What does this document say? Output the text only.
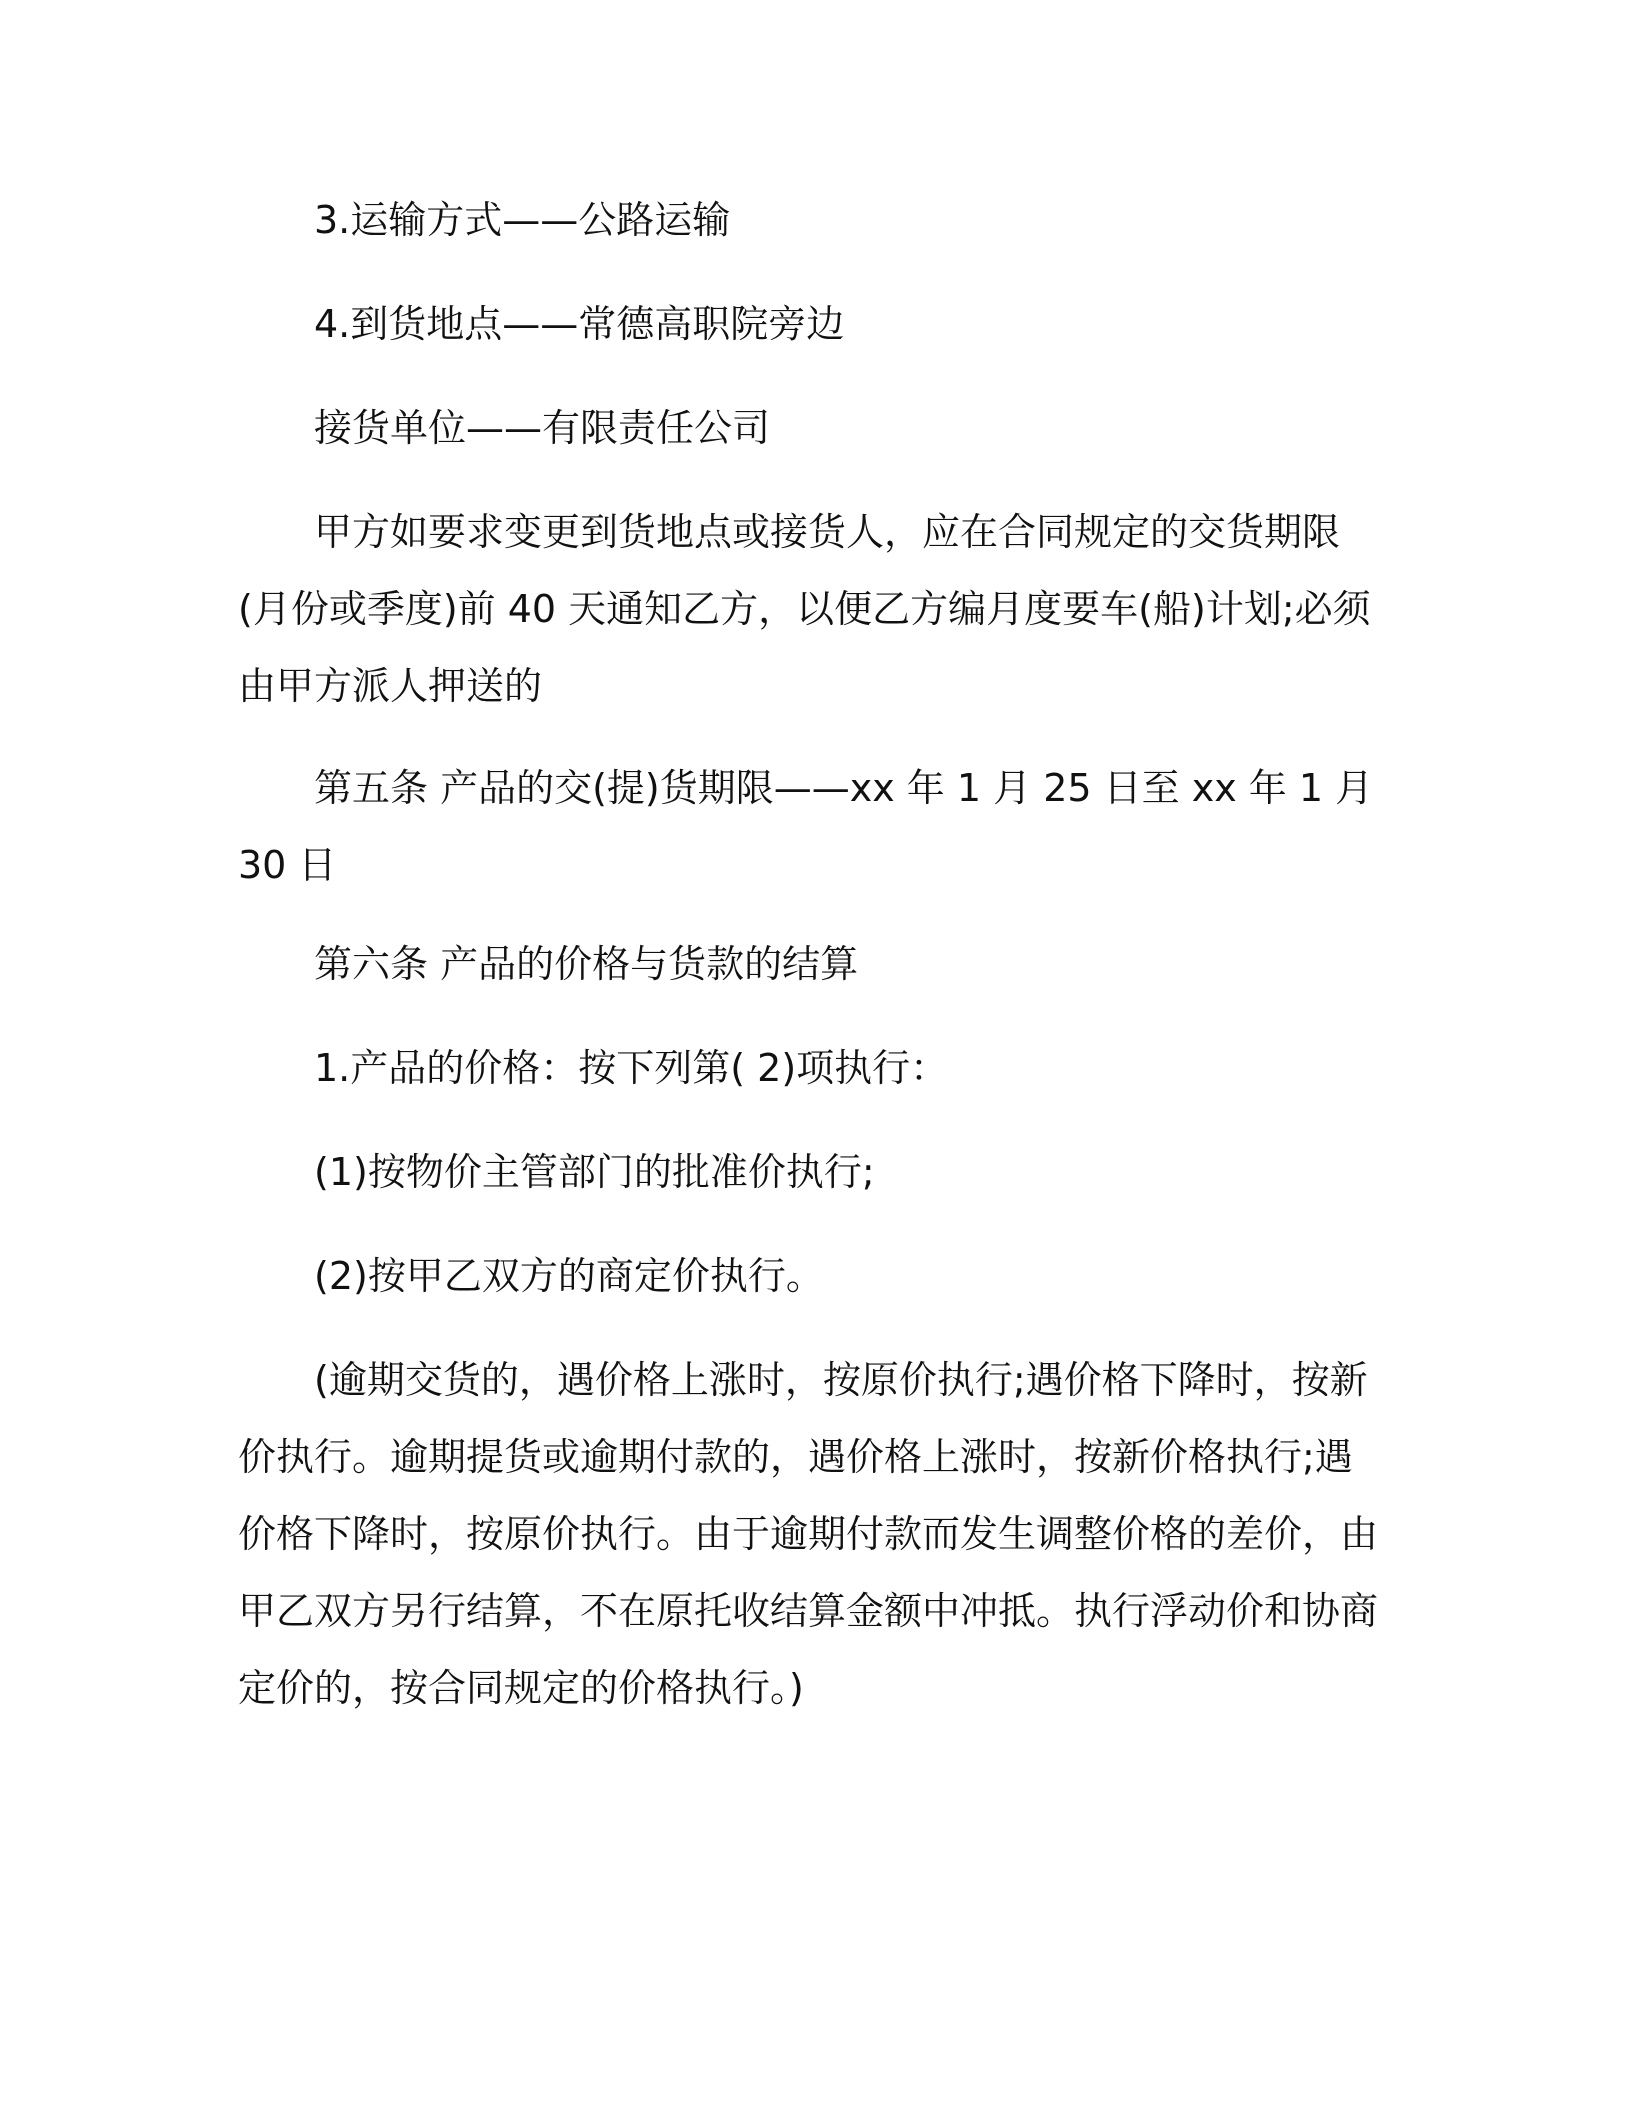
3.运输方式——公路运输

4.到货地点——常德高职院旁边

接货单位——有限责任公司

甲方如要求变更到货地点或接货人，应在合同规定的交货期限(月份或季度)前 40 天通知乙方，以便乙方编月度要车(船)计划;必须由甲方派人押送的

第五条 产品的交(提)货期限——xx 年 1 月 25 日至 xx 年 1 月 30 日

第六条 产品的价格与货款的结算

1.产品的价格：按下列第( 2)项执行：

(1)按物价主管部门的批准价执行;

(2)按甲乙双方的商定价执行。

(逾期交货的，遇价格上涨时，按原价执行;遇价格下降时，按新价执行。逾期提货或逾期付款的，遇价格上涨时，按新价格执行;遇价格下降时，按原价执行。由于逾期付款而发生调整价格的差价，由甲乙双方另行结算，不在原托收结算金额中冲抵。执行浮动价和协商定价的，按合同规定的价格执行。)
